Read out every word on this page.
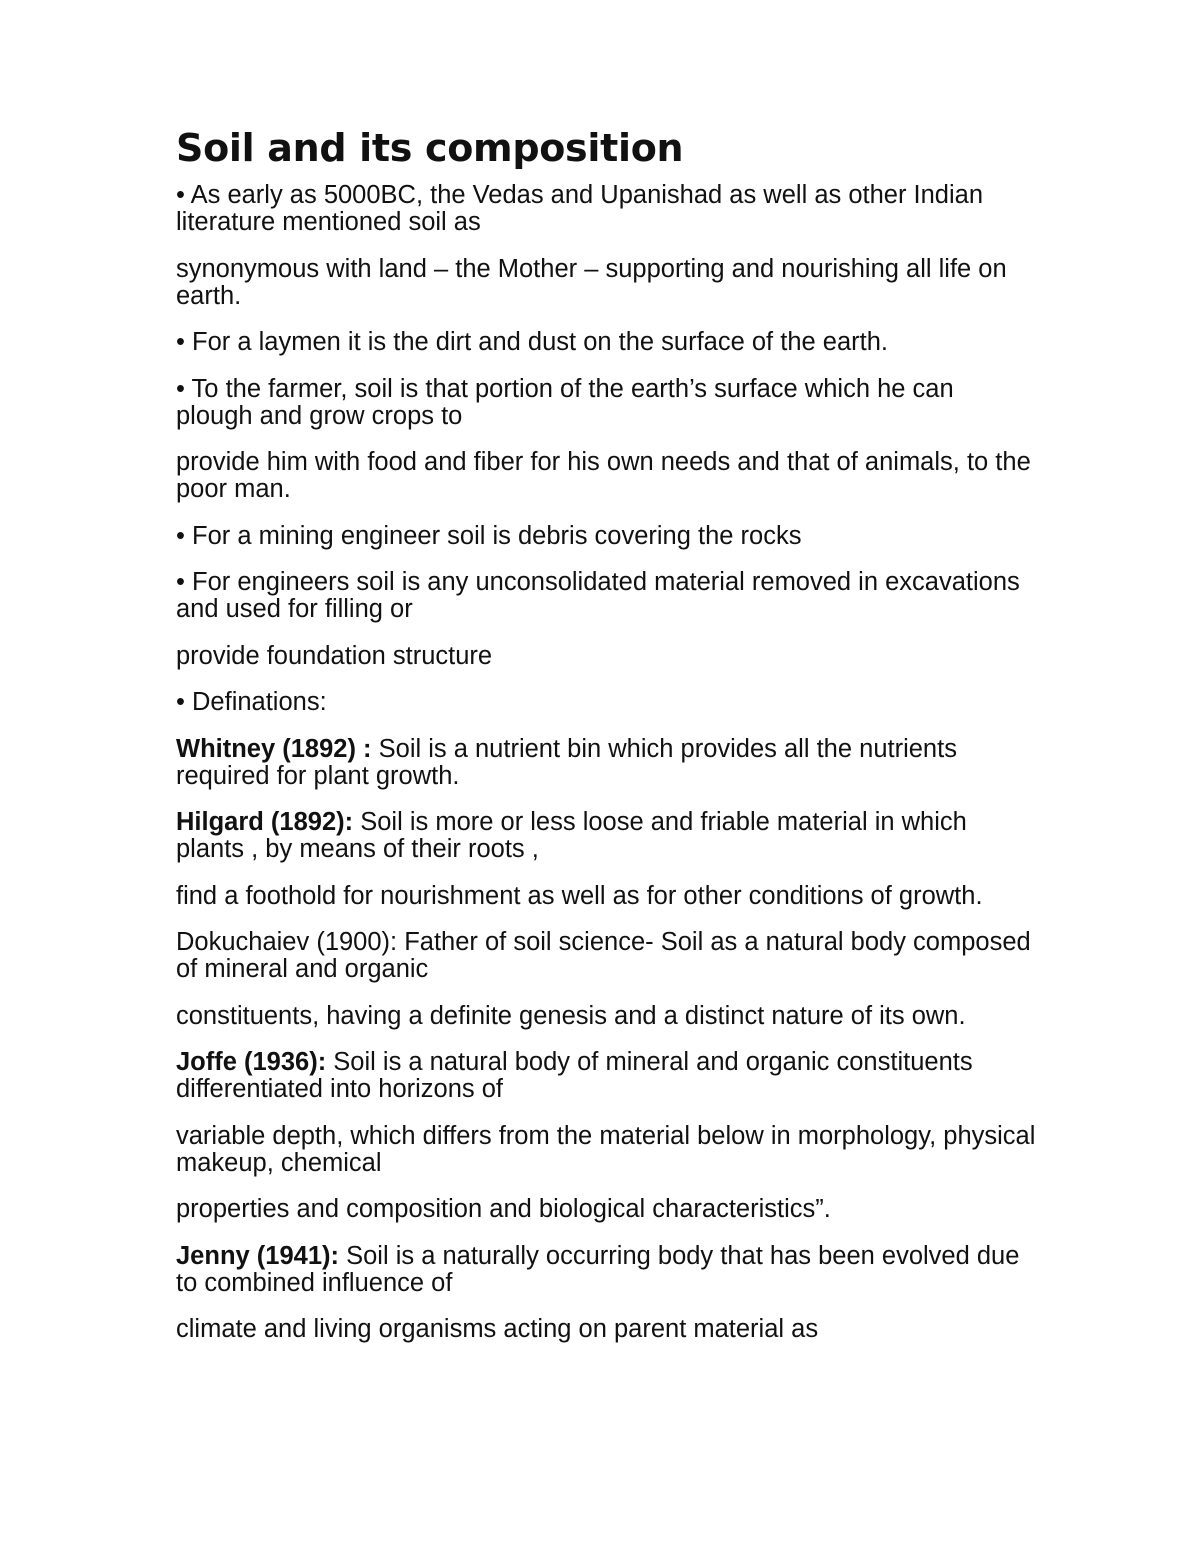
Soil and its composition

• As early as 5000BC, the Vedas and Upanishad as well as other Indian literature mentioned soil as

synonymous with land – the Mother – supporting and nourishing all life on earth.

• For a laymen it is the dirt and dust on the surface of the earth.

• To the farmer, soil is that portion of the earth’s surface which he can plough and grow crops to

provide him with food and fiber for his own needs and that of animals, to the poor man.

• For a mining engineer soil is debris covering the rocks

• For engineers soil is any unconsolidated material removed in excavations and used for filling or

provide foundation structure

• Definations:

Whitney (1892) : Soil is a nutrient bin which provides all the nutrients required for plant growth.

Hilgard (1892): Soil is more or less loose and friable material in which plants , by means of their roots ,

find a foothold for nourishment as well as for other conditions of growth.

Dokuchaiev (1900): Father of soil science- Soil as a natural body composed of mineral and organic

constituents, having a definite genesis and a distinct nature of its own.

Joffe (1936): Soil is a natural body of mineral and organic constituents differentiated into horizons of

variable depth, which differs from the material below in morphology, physical makeup, chemical

properties and composition and biological characteristics”.

Jenny (1941): Soil is a naturally occurring body that has been evolved due to combined influence of

climate and living organisms acting on parent material as
